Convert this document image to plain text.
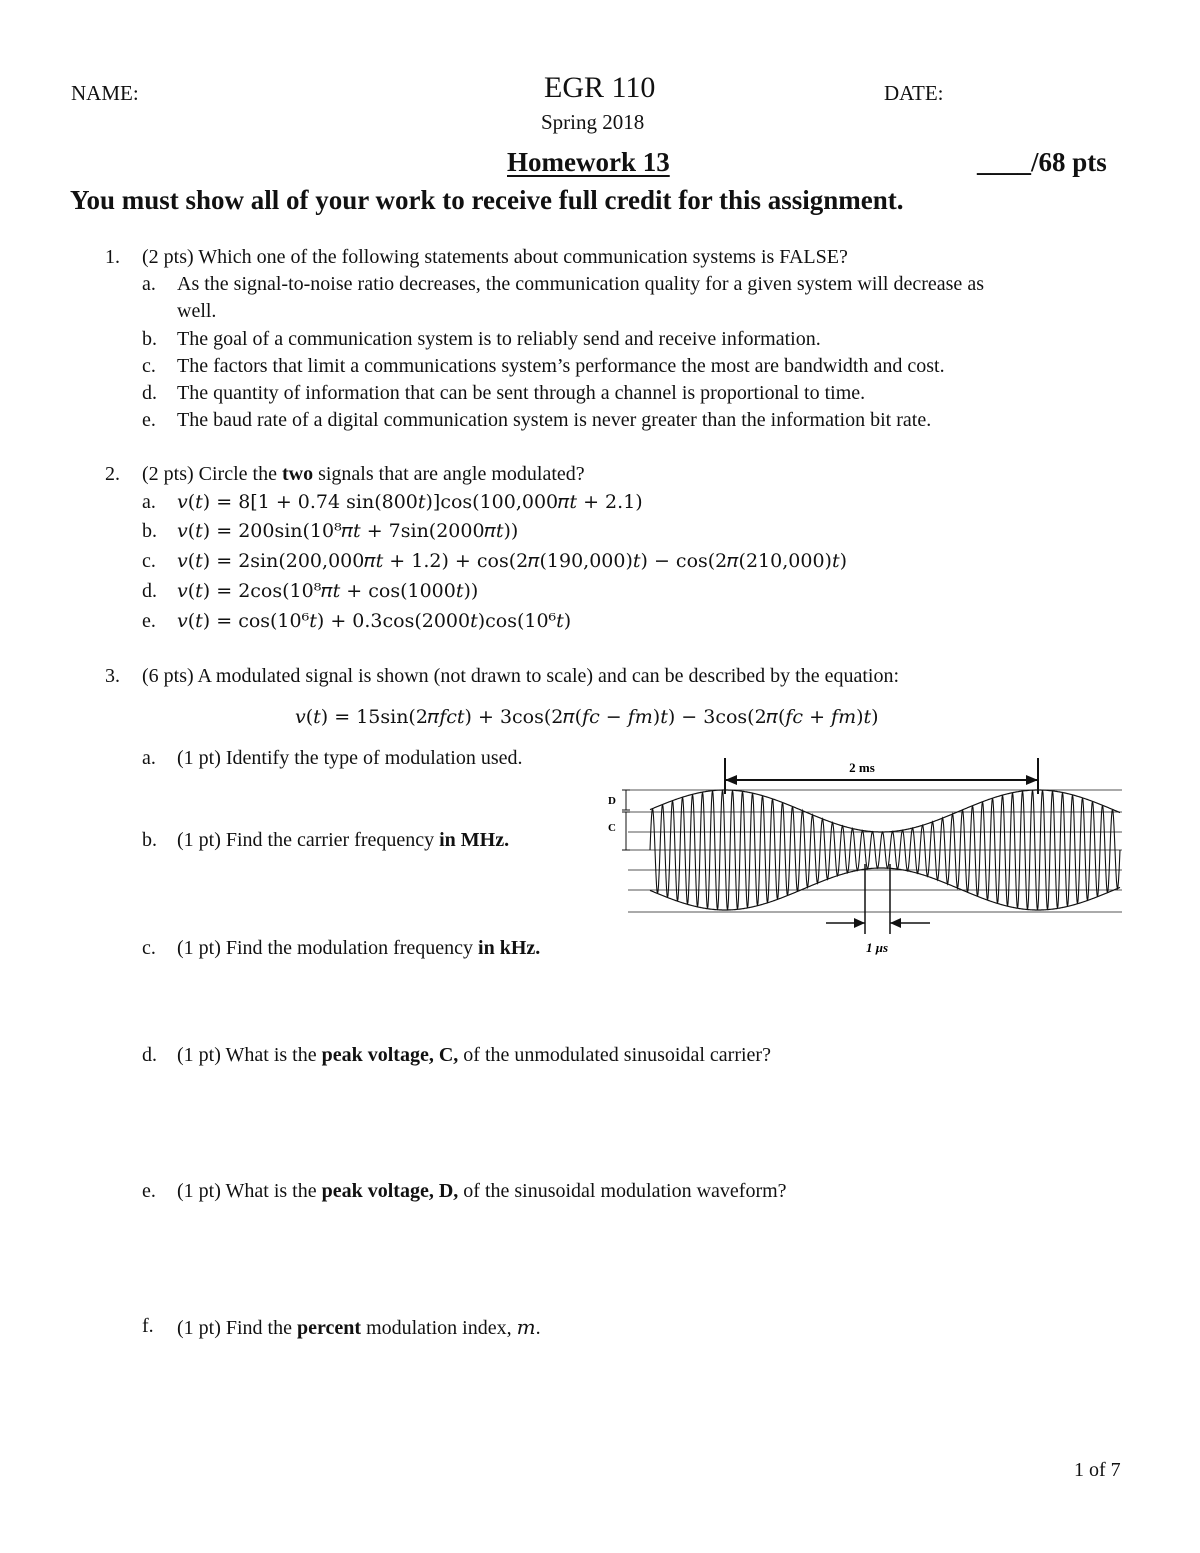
NAME:	EGR 110	DATE:
Spring 2018
Homework 13	____/68 pts
You must show all of your work to receive full credit for this assignment.
1. (2 pts) Which one of the following statements about communication systems is FALSE?
a. As the signal-to-noise ratio decreases, the communication quality for a given system will decrease as
well.
b. The goal of a communication system is to reliably send and receive information.
c. The factors that limit a communications system’s performance the most are bandwidth and cost.
d. The quantity of information that can be sent through a channel is proportional to time.
e. The baud rate of a digital communication system is never greater than the information bit rate.
2. (2 pts) Circle the two signals that are angle modulated?
a. 𝑣(𝑡) = 8[1 + 0.74 sin(800𝑡)]cos(100,000𝜋𝑡 + 2.1)
b. 𝑣(𝑡) = 200sin(10⁸𝜋𝑡 + 7sin(2000𝜋𝑡))
c. 𝑣(𝑡) = 2sin(200,000𝜋𝑡 + 1.2) + cos(2𝜋(190,000)𝑡) − cos(2𝜋(210,000)𝑡)
d. 𝑣(𝑡) = 2cos(10⁸𝜋𝑡 + cos(1000𝑡))
e. 𝑣(𝑡) = cos(10⁶𝑡) + 0.3cos(2000𝑡)cos(10⁶𝑡)
3. (6 pts) A modulated signal is shown (not drawn to scale) and can be described by the equation:
𝑣(𝑡) = 15sin(2𝜋𝑓𝑐𝑡) + 3cos(2𝜋(𝑓𝑐 − 𝑓𝑚)𝑡) − 3cos(2𝜋(𝑓𝑐 + 𝑓𝑚)𝑡)
a. (1 pt) Identify the type of modulation used.
b. (1 pt) Find the carrier frequency in MHz.
c. (1 pt) Find the modulation frequency in kHz.
d. (1 pt) What is the peak voltage, C, of the unmodulated sinusoidal carrier?
e. (1 pt) What is the peak voltage, D, of the sinusoidal modulation waveform?
f. (1 pt) Find the percent modulation index, 𝑚.
2 ms
D
C
1 μs
1 of 7
